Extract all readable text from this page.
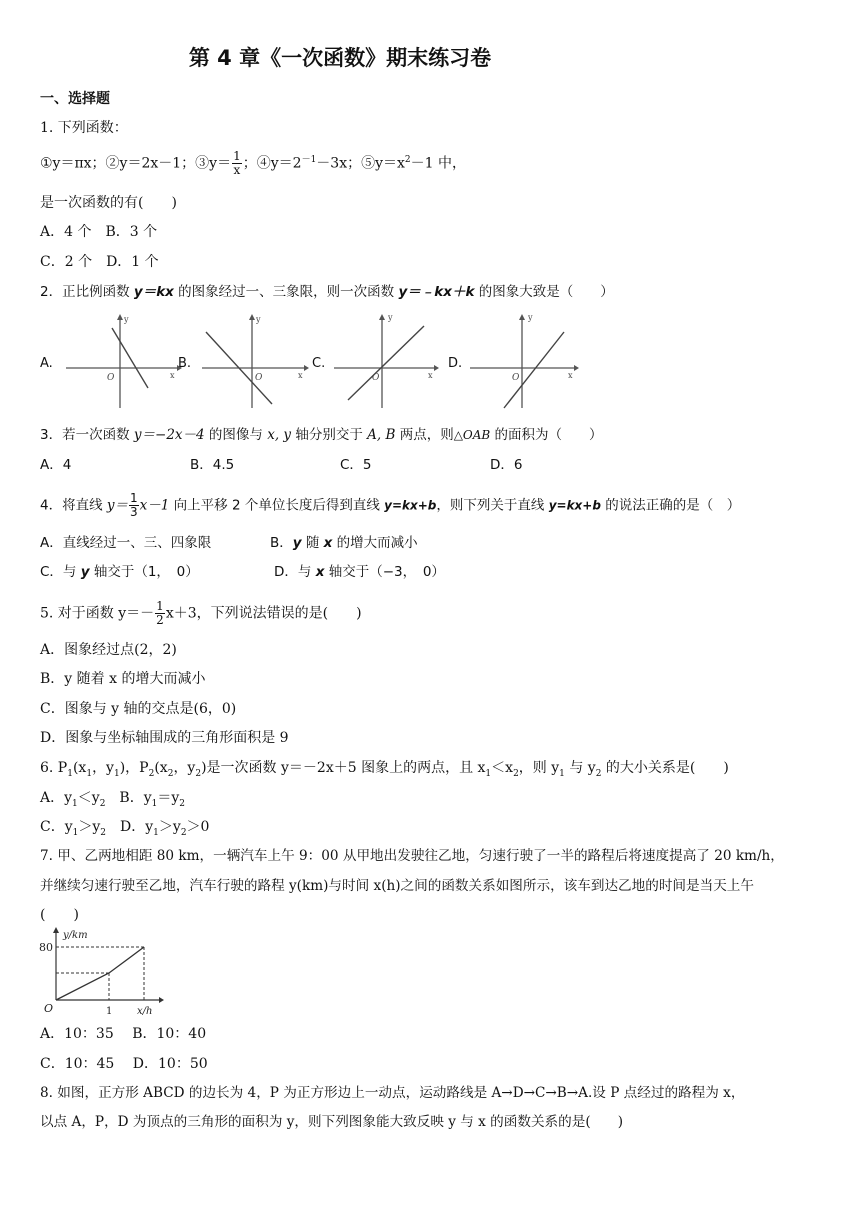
第 4 章《一次函数》期末练习卷
一、选择题
1. 下列函数：
①y＝πx；②y＝2x－1；③y＝ $\frac{1}{x}$ ；$④y=2^{-1}-3x$；$⑤y=x^2-1$ 中，
是一次函数的有(　　)
A．4 个　B．3 个
C．2 个　D．1 个
2．正比例函数 y＝kx 的图象经过一、三象限，则一次函数 y＝﹣kx＋k 的图象大致是（　　）
A.
O
y
x
B.
O
y
x
C.
O
y
x
D.
O
y
x
3．若一次函数 y＝−2x－4 的图像与 x, y 轴分别交于 A, B 两点，则△OAB 的面积为（　　）
A．4	B．4.5	C．5	D．6
4．将直线 $y= \frac{1}{3} x-1$ 向上平移 2 个单位长度后得到直线 y=kx+b，则下列关于直线 y=kx+b 的说法正确的是（　）
A．直线经过一、三、四象限	B．y 随 x 的增大而减小
C．与 y 轴交于（1，　0）	D．与 x 轴交于（−3，　0）
5. 对于函数 $y=- \frac{1}{2} x+3$，下列说法错误的是(　　)
A．图象经过点(2，2)
B．y 随着 x 的增大而减小
C．图象与 y 轴的交点是(6，0)
D．图象与坐标轴围成的三角形面积是 9
6. $P_1(x_1$，$y_1$)，$P_2(x_2$，$y_2$)是一次函数 y＝－2x＋5 图象上的两点，且 $x_1<x_2$，则 $y_1$ 与 $y_2$ 的大小关系是(　　)
A．$y_1<y_2$　B．$y_1=y_2$
C．$y_1>y_2$　D．$y_1>y_2>0$
7. 甲、乙两地相距 80 km，一辆汽车上午 9：00 从甲地出发驶往乙地，匀速行驶了一半的路程后将速度提高了 20 km/h，
并继续匀速行驶至乙地，汽车行驶的路程 y(km)与时间 x(h)之间的函数关系如图所示，该车到达乙地的时间是当天上午
(　　)
y/km
80
O	1 x/h
A．10：35　 B．10：40
C．10：45　 D．10：50
8. 如图，正方形 ABCD 的边长为 4，P 为正方形边上一动点，运动路线是 A→D→C→B→A.设 P 点经过的路程为 x，
以点 A，P，D 为顶点的三角形的面积为 y，则下列图象能大致反映 y 与 x 的函数关系的是(　　)
